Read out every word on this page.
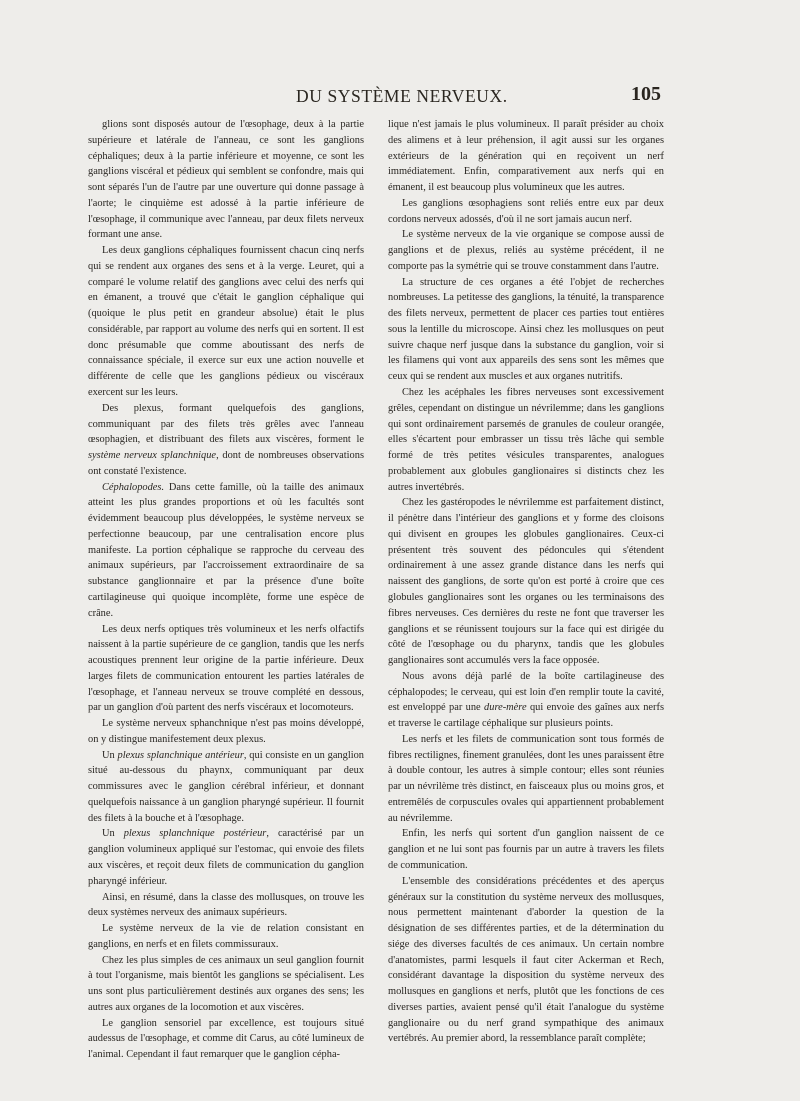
DU SYSTÈME NERVEUX.	105

glions sont disposés autour de l'œsophage, deux à la partie supérieure et latérale de l'anneau, ce sont les ganglions céphaliques; deux à la partie inférieure et moyenne, ce sont les ganglions viscéral et pédieux qui semblent se confondre, mais qui sont séparés l'un de l'autre par une ouverture qui donne passage à l'aorte; le cinquième est adossé à la partie inférieure de l'œsophage, il communique avec l'anneau, par deux filets nerveux formant une anse.

Les deux ganglions céphaliques fournissent chacun cinq nerfs qui se rendent aux organes des sens et à la verge. Leuret, qui a comparé le volume relatif des ganglions avec celui des nerfs qui en émanent, a trouvé que c'était le ganglion céphalique qui (quoique le plus petit en grandeur absolue) était le plus considérable, par rapport au volume des nerfs qui en sortent. Il est donc présumable que comme aboutissant des nerfs de connaissance spéciale, il exerce sur eux une action nouvelle et différente de celle que les ganglions pédieux ou viscéraux exercent sur les leurs.

Des plexus, formant quelquefois des ganglions, communiquant par des filets très grêles avec l'anneau œsophagien, et distribuant des filets aux viscères, forment le système nerveux splanchnique, dont de nombreuses observations ont constaté l'existence.

Céphalopodes. Dans cette famille, où la taille des animaux atteint les plus grandes proportions et où les facultés sont évidemment beaucoup plus développées, le système nerveux se perfectionne beaucoup, par une centralisation encore plus manifeste. La portion céphalique se rapproche du cerveau des animaux supérieurs, par l'accroissement extraordinaire de sa substance ganglionnaire et par la présence d'une boîte cartilagineuse qui quoique incomplète, forme une espèce de crâne.

Les deux nerfs optiques très volumineux et les nerfs olfactifs naissent à la partie supérieure de ce ganglion, tandis que les nerfs acoustiques prennent leur origine de la partie inférieure. Deux larges filets de communication entourent les parties latérales de l'œsophage, et l'anneau nerveux se trouve complété en dessous, par un ganglion d'où partent des nerfs viscéraux et locomoteurs.

Le système nerveux sphanchnique n'est pas moins développé, on y distingue manifestement deux plexus.

Un plexus splanchnique antérieur, qui consiste en un ganglion situé au-dessous du phaynx, communiquant par deux commissures avec le ganglion cérébral inférieur, et donnant quelquefois naissance à un ganglion pharyngé supérieur. Il fournit des filets à la bouche et à l'œsophage.

Un plexus splanchnique postérieur, caractérisé par un ganglion volumineux appliqué sur l'estomac, qui envoie des filets aux viscères, et reçoit deux filets de communication du ganglion pharyngé inférieur.

Ainsi, en résumé, dans la classe des mollusques, on trouve les deux systèmes nerveux des animaux supérieurs.

Le système nerveux de la vie de relation consistant en ganglions, en nerfs et en filets commissuraux.

Chez les plus simples de ces animaux un seul ganglion fournit à tout l'organisme, mais bientôt les ganglions se spécialisent. Les uns sont plus particulièrement destinés aux organes des sens; les autres aux organes de la locomotion et aux viscères.

Le ganglion sensoriel par excellence, est toujours situé audessus de l'œsophage, et comme dit Carus, au côté lumineux de l'animal. Cependant il faut remarquer que le ganglion cépha-

lique n'est jamais le plus volumineux. Il paraît présider au choix des alimens et à leur préhension, il agit aussi sur les organes extérieurs de la génération qui en reçoivent un nerf immédiatement. Enfin, comparativement aux nerfs qui en émanent, il est beaucoup plus volumineux que les autres.

Les ganglions œsophagiens sont reliés entre eux par deux cordons nerveux adossés, d'où il ne sort jamais aucun nerf.

Le système nerveux de la vie organique se compose aussi de ganglions et de plexus, reliés au système précédent, il ne comporte pas la symétrie qui se trouve constamment dans l'autre.

La structure de ces organes a été l'objet de recherches nombreuses. La petitesse des ganglions, la ténuité, la transparence des filets nerveux, permettent de placer ces parties tout entières sous la lentille du microscope. Ainsi chez les mollusques on peut suivre chaque nerf jusque dans la substance du ganglion, voir si les filamens qui vont aux appareils des sens sont les mêmes que ceux qui se rendent aux muscles et aux organes nutritifs.

Chez les acéphales les fibres nerveuses sont excessivement grêles, cependant on distingue un névrilemme; dans les ganglions qui sont ordinairement parsemés de granules de couleur orangée, elles s'écartent pour embrasser un tissu très lâche qui semble formé de très petites vésicules transparentes, analogues probablement aux globules ganglionaires si distincts chez les autres invertébrés.

Chez les gastéropodes le névrilemme est parfaitement distinct, il pénètre dans l'intérieur des ganglions et y forme des cloisons qui divisent en groupes les globules ganglionaires. Ceux-ci présentent très souvent des pédoncules qui s'étendent ordinairement à une assez grande distance dans les nerfs qui naissent des ganglions, de sorte qu'on est porté à croire que ces globules ganglionaires sont les organes ou les terminaisons des fibres nerveuses. Ces dernières du reste ne font que traverser les ganglions et se réunissent toujours sur la face qui est dirigée du côté de l'œsophage ou du pharynx, tandis que les globules ganglionaires sont accumulés vers la face opposée.

Nous avons déjà parlé de la boîte cartilagineuse des céphalopodes; le cerveau, qui est loin d'en remplir toute la cavité, est enveloppé par une dure-mère qui envoie des gaînes aux nerfs et traverse le cartilage céphalique sur plusieurs points.

Les nerfs et les filets de communication sont tous formés de fibres rectilignes, finement granulées, dont les unes paraissent être à double contour, les autres à simple contour; elles sont réunies par un névrilème très distinct, en faisceaux plus ou moins gros, et entremêlés de corpuscules ovales qui appartiennent probablement au névrilemme.

Enfin, les nerfs qui sortent d'un ganglion naissent de ce ganglion et ne lui sont pas fournis par un autre à travers les filets de communication.

L'ensemble des considérations précédentes et des aperçus généraux sur la constitution du système nerveux des mollusques, nous permettent maintenant d'aborder la question de la désignation de ses différentes parties, et de la détermination du siége des diverses facultés de ces animaux. Un certain nombre d'anatomistes, parmi lesquels il faut citer Ackerman et Rech, considérant davantage la disposition du système nerveux des mollusques en ganglions et nerfs, plutôt que les fonctions de ces diverses parties, avaient pensé qu'il était l'analogue du système ganglionaire ou du nerf grand sympathique des animaux vertébrés. Au premier abord, la ressemblance paraît complète;
